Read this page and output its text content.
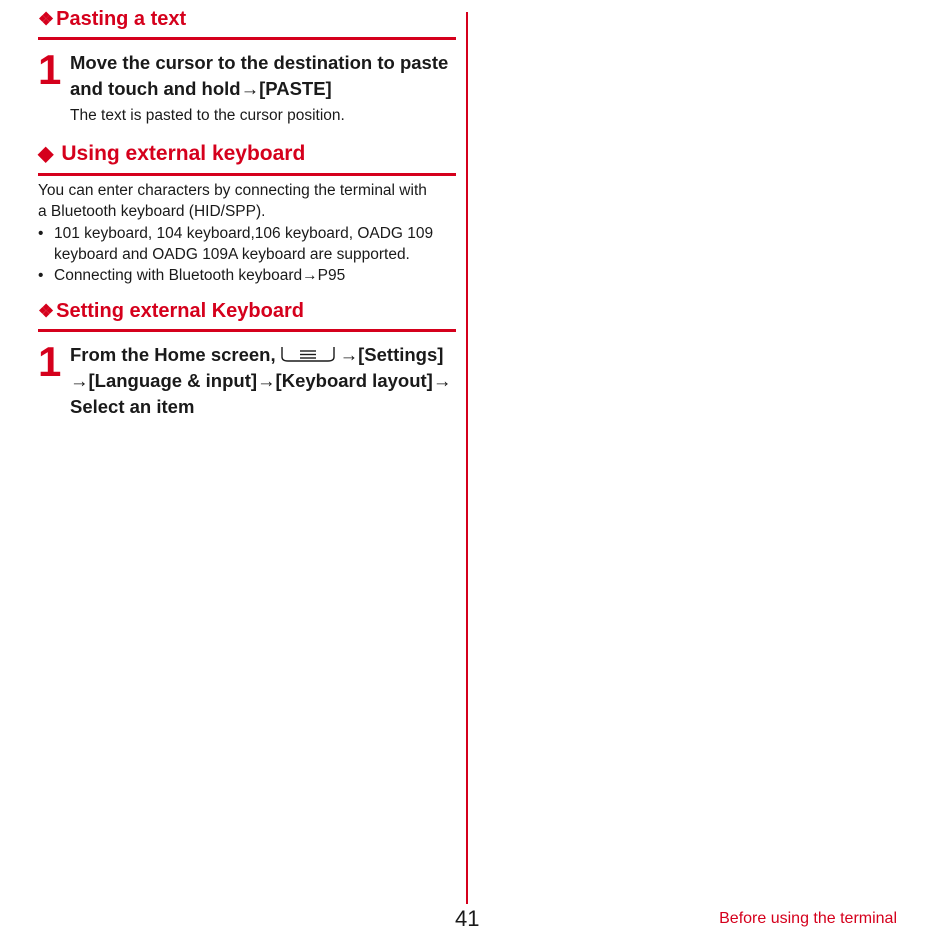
❖ Pasting a text
1 Move the cursor to the destination to paste
and touch and hold→[PASTE]
The text is pasted to the cursor position.
◆ Using external keyboard
You can enter characters by connecting the terminal with
a Bluetooth keyboard (HID/SPP).
• 101 keyboard, 104 keyboard,106 keyboard, OADG 109
keyboard and OADG 109A keyboard are supported.
• Connecting with Bluetooth keyboard→P95
❖ Setting external Keyboard
1 From the Home screen,	→[Settings]
→[Language & input]→[Keyboard layout]→
Select an item
41	Before using the terminal
